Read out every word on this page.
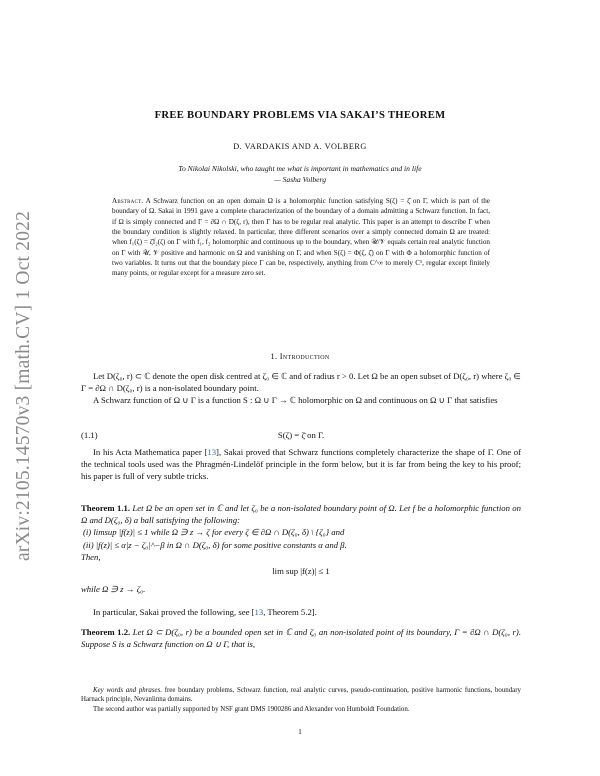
arXiv:2105.14570v3 [math.CV] 1 Oct 2022
FREE BOUNDARY PROBLEMS VIA SAKAI’S THEOREM
D. VARDAKIS AND A. VOLBERG
To Nikolai Nikolski, who taught me what is important in mathematics and in life
— Sasha Volberg
Abstract. A Schwarz function on an open domain Ω is a holomorphic function satisfying S(ζ) = ζ̄ on Γ, which is part of the boundary of Ω. Sakai in 1991 gave a complete characterization of the boundary of a domain admitting a Schwarz function. In fact, if Ω is simply connected and Γ = ∂Ω ∩ D(ζ, r), then Γ has to be regular real analytic. This paper is an attempt to describe Γ when the boundary condition is slightly relaxed. In particular, three different scenarios over a simply connected domain Ω are treated: when f₁(ζ) = ζ̄f₂(ζ) on Γ with f₁, f₂ holomorphic and continuous up to the boundary, when 𝒰/𝒱 equals certain real analytic function on Γ with 𝒰, 𝒱 positive and harmonic on Ω and vanishing on Γ, and when S(ζ) = Φ(ζ, ζ̄) on Γ with Φ a holomorphic function of two variables. It turns out that the boundary piece Γ can be, respectively, anything from C^∞ to merely C¹, regular except finitely many points, or regular except for a measure zero set.
1. Introduction

Let D(ζ₀, r) ⊂ ℂ denote the open disk centred at ζ₀ ∈ ℂ and of radius r > 0. Let Ω be an open subset of D(ζ₀, r) where ζ₀ ∈ Γ = ∂Ω ∩ D(ζ₀, r) is a non-isolated boundary point.

A Schwarz function of Ω ∪ Γ is a function S : Ω ∪ Γ → ℂ holomorphic on Ω and continuous on Ω ∪ Γ that satisfies

(1.1)	S(ζ) = ζ̄ on Γ.

In his Acta Mathematica paper [13], Sakai proved that Schwarz functions completely characterize the shape of Γ. One of the technical tools used was the Phragmén-Lindelöf principle in the form below, but it is far from being the key to his proof; his paper is full of very subtle tricks.

Theorem 1.1. Let Ω be an open set in ℂ and let ζ₀ be a non-isolated boundary point of Ω. Let f be a holomorphic function on Ω and D(ζ₀, δ) a ball satisfying the following:

(i) limsup |f(z)| ≤ 1 while Ω ∋ z → ζ for every ζ ∈ ∂Ω ∩ D(ζ₀, δ) \ {ζ₀} and

(ii) |f(z)| ≤ α|z − ζ₀|^−β in Ω ∩ D(ζ₀, δ) for some positive constants α and β.

Then,

lim sup |f(z)| ≤ 1

while Ω ∋ z → ζ₀.

In particular, Sakai proved the following, see [13, Theorem 5.2].

Theorem 1.2. Let Ω ⊂ D(ζ₀, r) be a bounded open set in ℂ and ζ₀ an non-isolated point of its boundary, Γ = ∂Ω ∩ D(ζ₀, r). Suppose S is a Schwarz function on Ω ∪ Γ, that is,

Key words and phrases. free boundary problems, Schwarz function, real analytic curves, pseudo-continuation, positive harmonic functions, boundary Harnack principle, Nevanlinna domains.

The second author was partially supported by NSF grant DMS 1900286 and Alexander von Humboldt Foundation.

1
